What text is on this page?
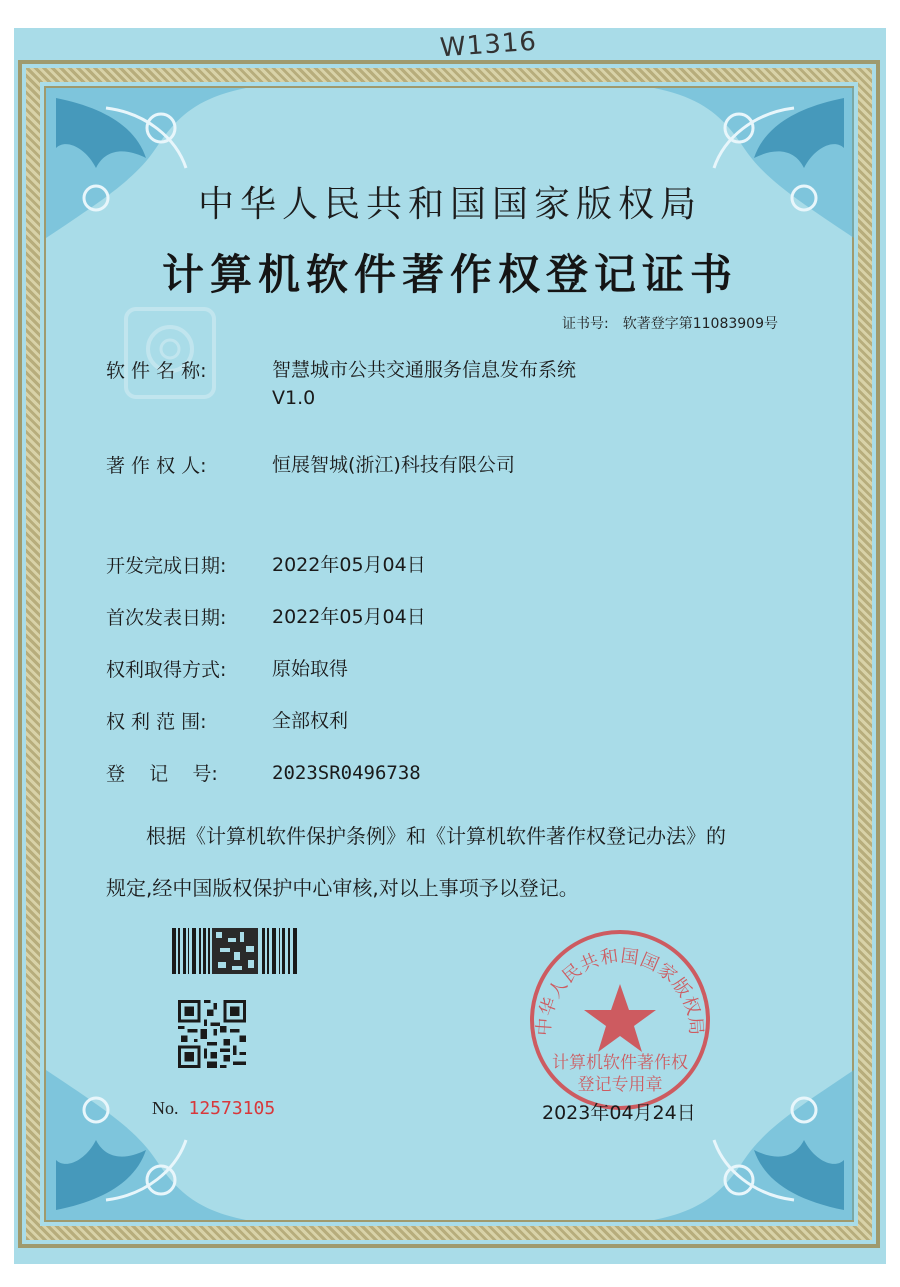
W1316
中华人民共和国国家版权局
计算机软件著作权登记证书
证书号: 软著登字第11083909号
软 件 名 称:	智慧城市公共交通服务信息发布系统
V1.0
著 作 权 人:	恒展智城(浙江)科技有限公司
开发完成日期:	2022年05月04日
首次发表日期:	2022年05月04日
权利取得方式:	原始取得
权 利 范 围:	全部权利
登    记    号:	2023SR0496738
根据《计算机软件保护条例》和《计算机软件著作权登记办法》的
规定,经中国版权保护中心审核,对以上事项予以登记。
No. 12573105
中华人民共和国国家版权局
计算机软件著作权
登记专用章
2023年04月24日
